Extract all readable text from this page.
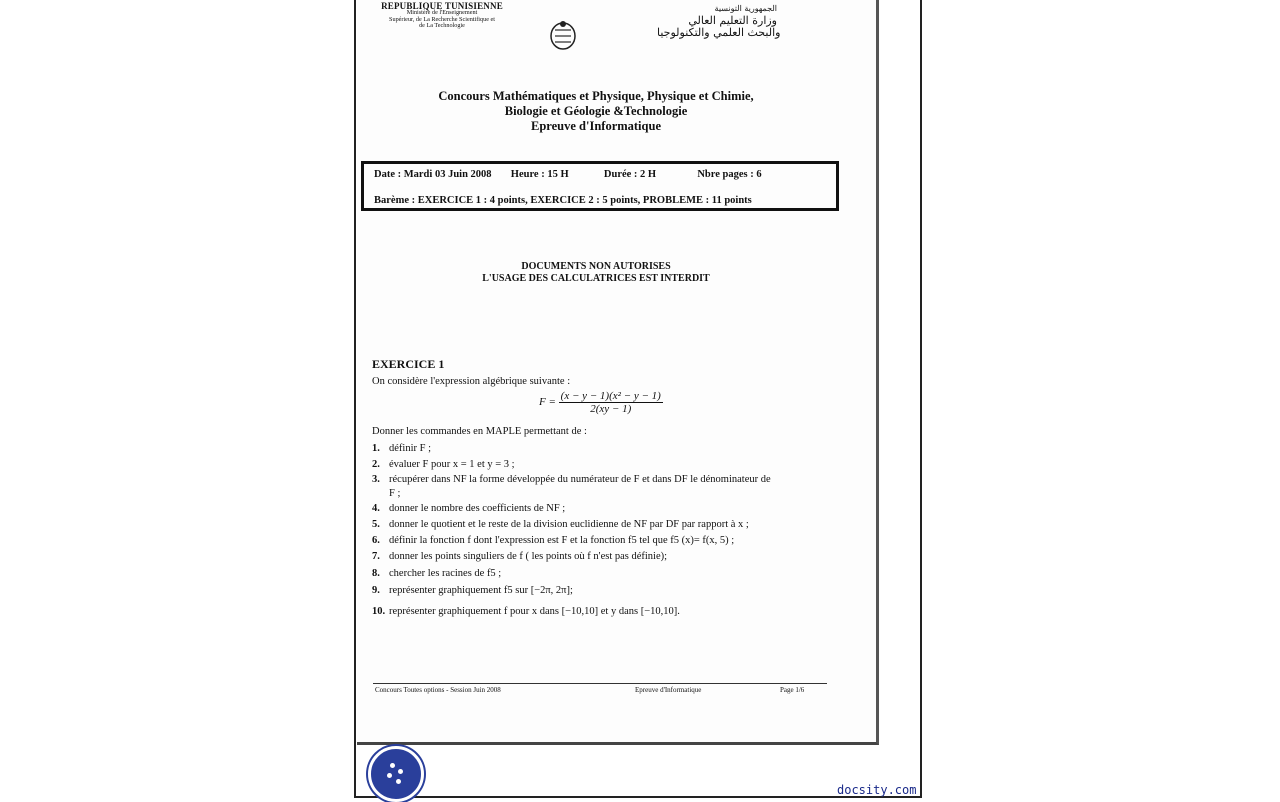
REPUBLIQUE TUNISIENNE
Ministère de l'Enseignement
Supérieur, de La Recherche Scientifique et
de La Technologie
الجمهورية التونسية
وزارة التعليم العالي
والبحث العلمي والتكنولوجيا
Concours Mathématiques et Physique, Physique et Chimie,
Biologie et Géologie &Technologie
Epreuve d'Informatique
Date : Mardi 03 Juin 2008 Heure : 15 H	Durée : 2 H	Nbre pages : 6
Barème : EXERCICE 1 : 4 points, EXERCICE 2 : 5 points, PROBLEME : 11 points
DOCUMENTS NON AUTORISES
L'USAGE DES CALCULATRICES EST INTERDIT
EXERCICE 1
On considère l'expression algébrique suivante :
$F = \frac{\text{(x − y − 1)(x² − y − 1)}}{2(xy - 1)}$
Donner les commandes en MAPLE permettant de :
1. définir F ;
2. évaluer F pour x = 1 et y = 3 ;
3. récupérer dans NF la forme développée du numérateur de F et dans DF le dénominateur de
F ;
4. donner le nombre des coefficients de NF ;
5. donner le quotient et le reste de la division euclidienne de NF par DF par rapport à x ;
6. définir la fonction f dont l'expression est F et la fonction f5 tel que f5 (x)= f(x, 5) ;
7. donner les points singuliers de f ( les points où f n'est pas définie);
8. chercher les racines de f5 ;
9. représenter graphiquement f5 sur [−2π, 2π];
10. représenter graphiquement f pour x dans [−10,10] et y dans [−10,10].
Concours Toutes options - Session Juin 2008	Epreuve d'Informatique	Page 1/6
docsity.com
